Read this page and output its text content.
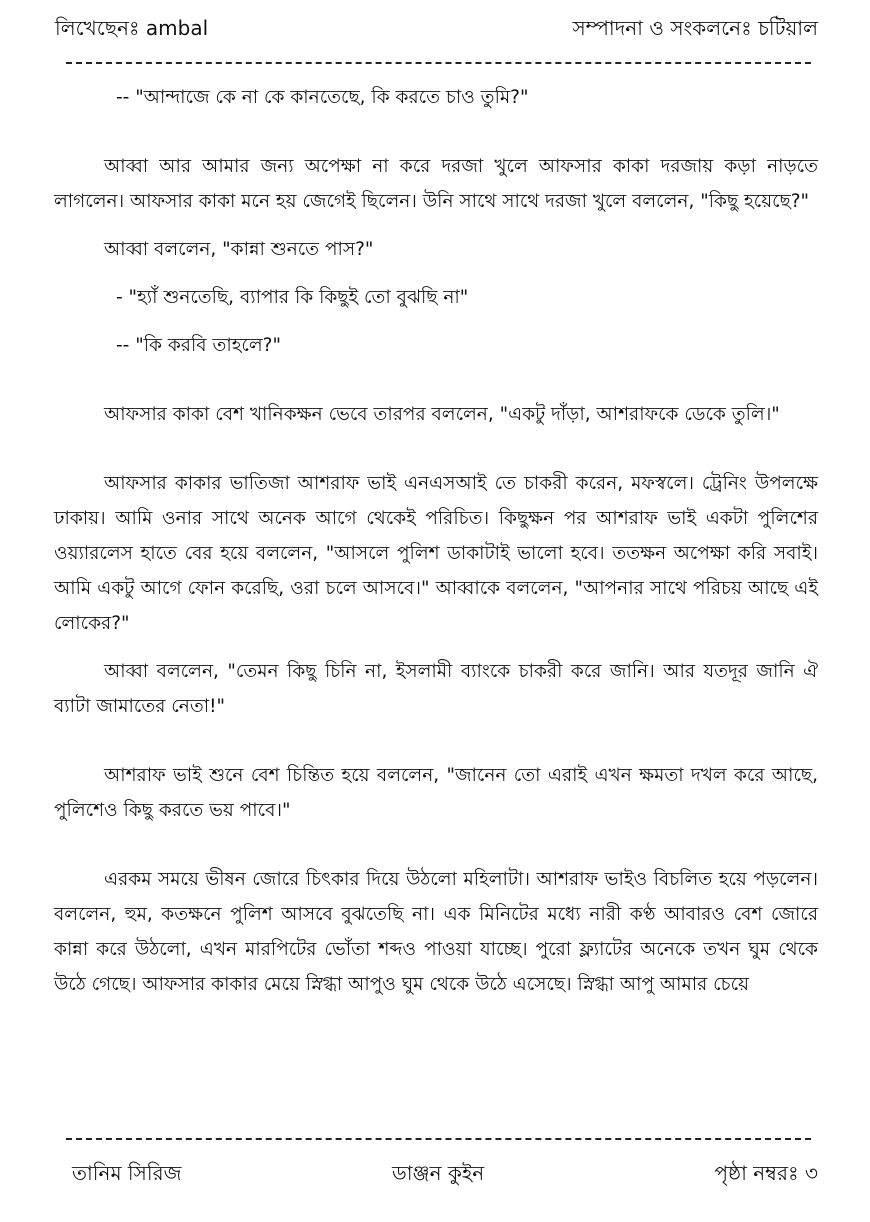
লিখেছেনঃ ambal	সম্পাদনা ও সংকলনেঃ চটিয়াল

-- "আন্দাজে কে না কে কানতেছে, কি করতে চাও তুমি?"

আব্বা আর আমার জন্য অপেক্ষা না করে দরজা খুলে আফসার কাকা দরজায় কড়া নাড়তে লাগলেন। আফসার কাকা মনে হয় জেগেই ছিলেন। উনি সাথে সাথে দরজা খুলে বললেন, "কিছু হয়েছে?"

আব্বা বললেন, "কান্না শুনতে পাস?"

- "হ্যাঁ শুনতেছি, ব্যাপার কি কিছুই তো বুঝছি না"

-- "কি করবি তাহলে?"

আফসার কাকা বেশ খানিকক্ষন ভেবে তারপর বললেন, "একটু দাঁড়া, আশরাফকে ডেকে তুলি।"

আফসার কাকার ভাতিজা আশরাফ ভাই এনএসআই তে চাকরী করেন, মফস্বলে। ট্রেনিং উপলক্ষে ঢাকায়। আমি ওনার সাথে অনেক আগে থেকেই পরিচিত। কিছুক্ষন পর আশরাফ ভাই একটা পুলিশের ওয়্যারলেস হাতে বের হয়ে বললেন, "আসলে পুলিশ ডাকাটাই ভালো হবে। ততক্ষন অপেক্ষা করি সবাই। আমি একটু আগে ফোন করেছি, ওরা চলে আসবে।" আব্বাকে বললেন, "আপনার সাথে পরিচয় আছে এই লোকের?"

আব্বা বললেন, "তেমন কিছু চিনি না, ইসলামী ব্যাংকে চাকরী করে জানি। আর যতদূর জানি ঐ ব্যাটা জামাতের নেতা!"

আশরাফ ভাই শুনে বেশ চিন্তিত হয়ে বললেন, "জানেন তো এরাই এখন ক্ষমতা দখল করে আছে, পুলিশেও কিছু করতে ভয় পাবে।"

এরকম সময়ে ভীষন জোরে চিৎকার দিয়ে উঠলো মহিলাটা। আশরাফ ভাইও বিচলিত হয়ে পড়লেন। বললেন, হুম, কতক্ষনে পুলিশ আসবে বুঝতেছি না। এক মিনিটের মধ্যে নারী কণ্ঠ আবারও বেশ জোরে কান্না করে উঠলো, এখন মারপিটের ভোঁতা শব্দও পাওয়া যাচ্ছে। পুরো ফ্ল্যাটের অনেকে তখন ঘুম থেকে উঠে গেছে। আফসার কাকার মেয়ে স্নিগ্ধা আপুও ঘুম থেকে উঠে এসেছে। স্নিগ্ধা আপু আমার চেয়ে

তানিম সিরিজ	ডাঞ্জন কুইন	পৃষ্ঠা নম্বরঃ ৩
